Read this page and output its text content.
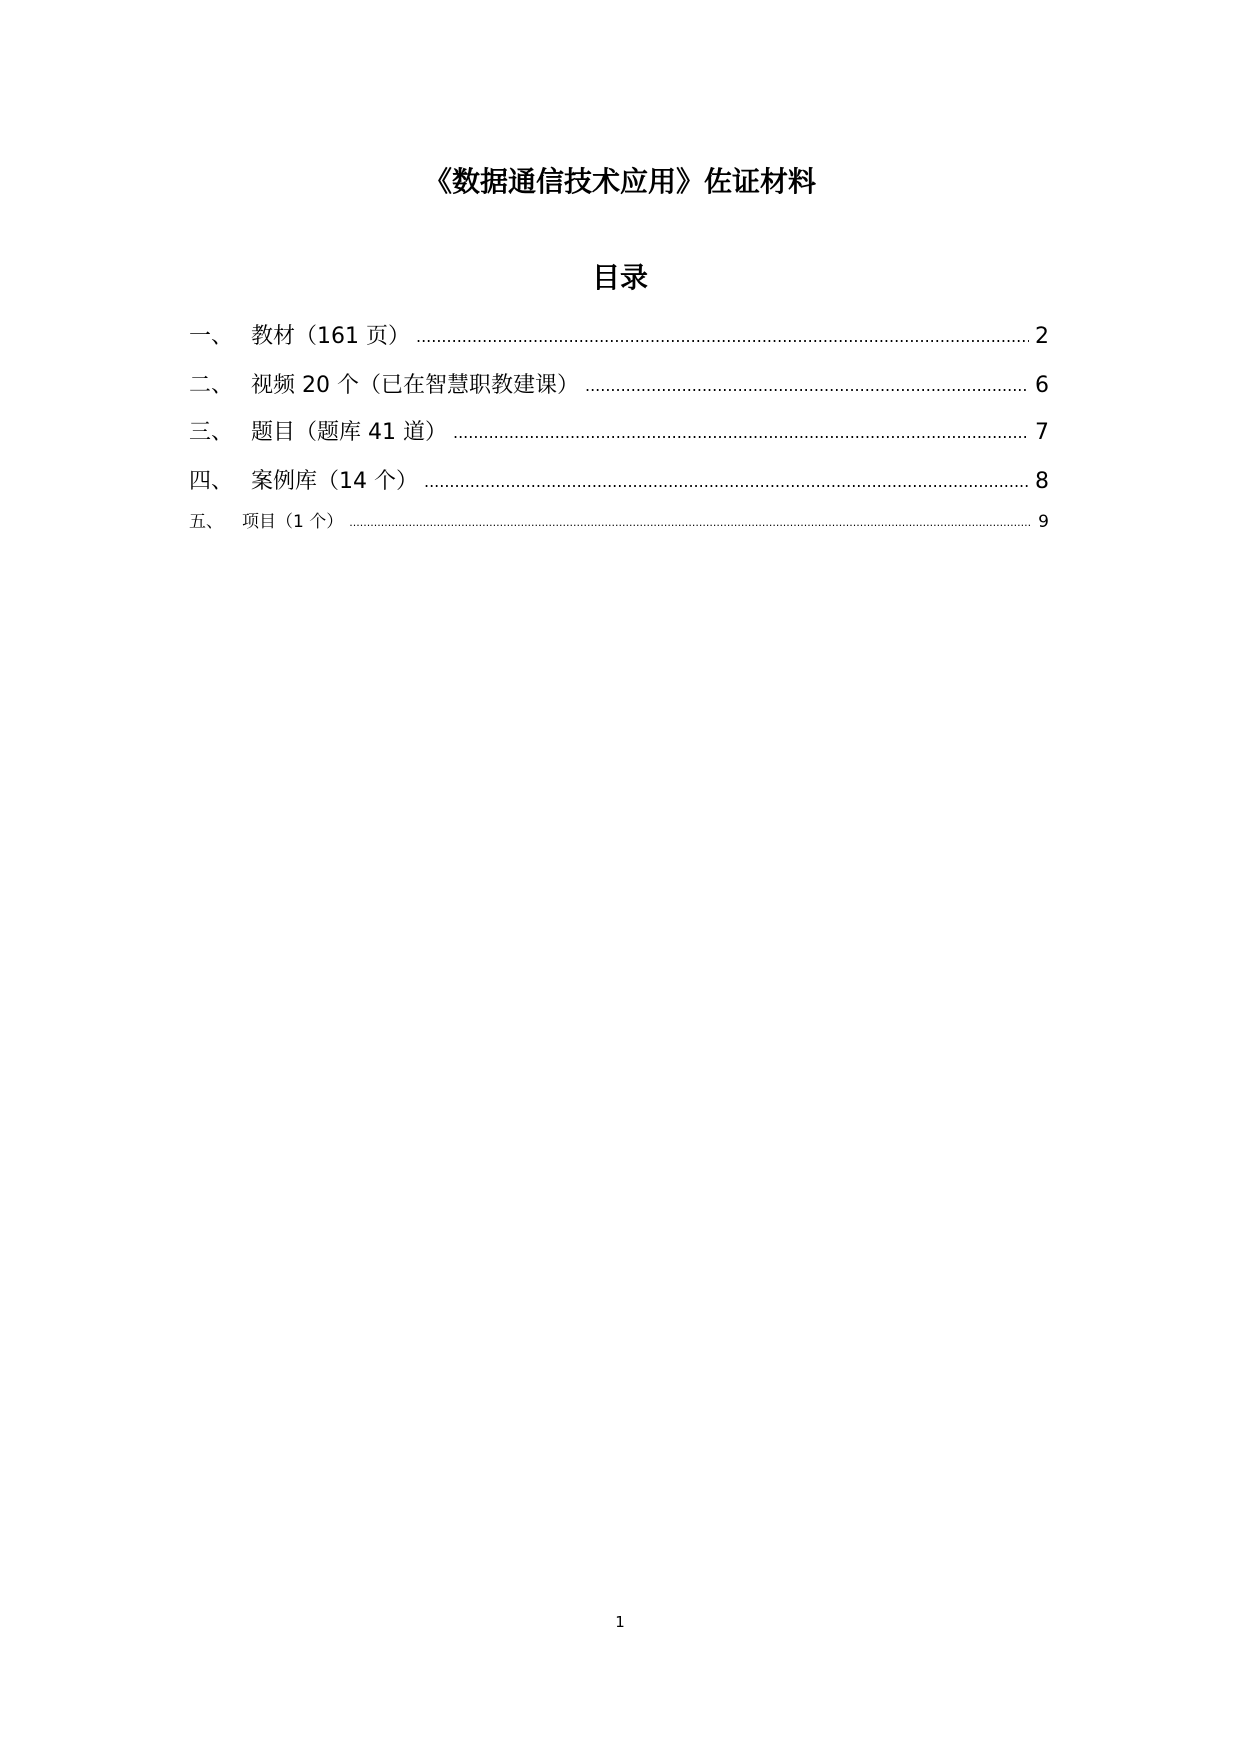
《数据通信技术应用》佐证材料
目录
一、 教材（161 页） .....	2
二、 视频 20 个（已在智慧职教建课） .....	6
三、 题目（题库 41 道） .....	7
四、 案例库（14 个） .....	8
五、	项目（1 个） .....	9
1
